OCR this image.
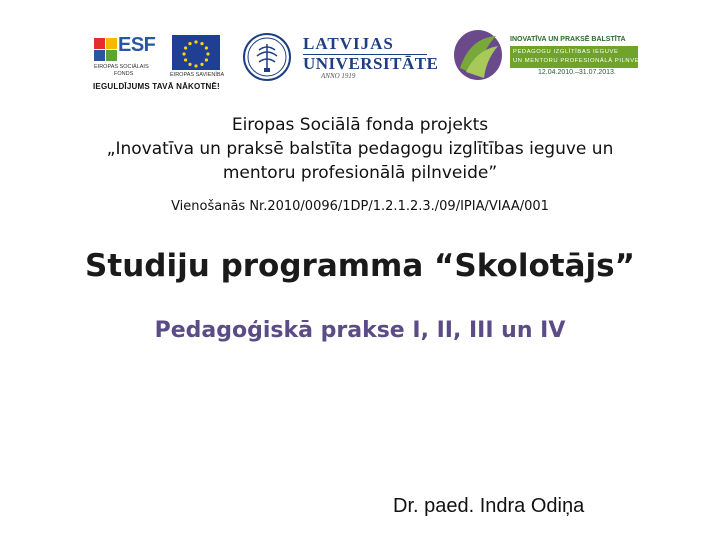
ESF
EIROPAS SOCIĀLAIS
FONDS	EIROPAS SAVIENĪBA
IEGULDĪJUMS TAVĀ NĀKOTNĒ!
LATVIJAS
UNIVERSITĀTE
ANNO 1919
INOVATĪVA UN PRAKSĒ BALSTĪTA
PEDAGOGU IZGLĪTĪBAS IEGUVE
UN MENTORU PROFESIONĀLĀ PILNVEIDE
12.04.2010.–31.07.2013.
Eiropas Sociālā fonda projekts
„Inovatīva un praksē balstīta pedagogu izglītības ieguve un
mentoru profesionālā pilnveide”
Vienošanās Nr.2010/0096/1DP/1.2.1.2.3./09/IPIA/VIAA/001
Studiju programma “Skolotājs”
Pedagoģiskā prakse I, II, III un IV
Dr. paed. Indra Odiņa
